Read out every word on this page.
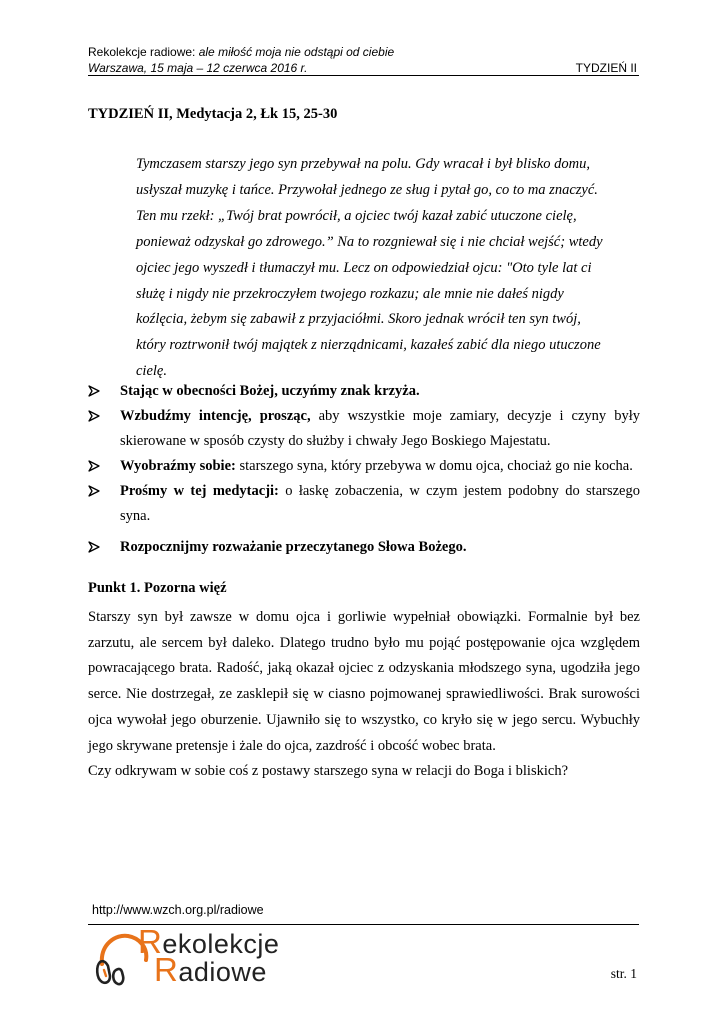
Rekolekcje radiowe: ale miłość moja nie odstąpi od ciebie
Warszawa, 15 maja – 12 czerwca 2016 r.	TYDZIEŃ II
TYDZIEŃ II, Medytacja 2, Łk 15, 25-30
Tymczasem starszy jego syn przebywał na polu. Gdy wracał i był blisko domu, usłyszał muzykę i tańce. Przywołał jednego ze sług i pytał go, co to ma znaczyć. Ten mu rzekł: „Twój brat powrócił, a ojciec twój kazał zabić utuczone cielę, ponieważ odzyskał go zdrowego.” Na to rozgniewał się i nie chciał wejść; wtedy ojciec jego wyszedł i tłumaczył mu. Lecz on odpowiedział ojcu: "Oto tyle lat ci służę i nigdy nie przekroczyłem twojego rozkazu; ale mnie nie dałeś nigdy koźlęcia, żebym się zabawił z przyjaciółmi. Skoro jednak wrócił ten syn twój, który roztrwonił twój majątek z nierządnicami, kazałeś zabić dla niego utuczone cielę.
Stając w obecności Bożej, uczyńmy znak krzyża.
Wzbudźmy intencję, prosząc, aby wszystkie moje zamiary, decyzje i czyny były skierowane w sposób czysty do służby i chwały Jego Boskiego Majestatu.
Wyobraźmy sobie: starszego syna, który przebywa w domu ojca, chociaż go nie kocha.
Prośmy w tej medytacji: o łaskę zobaczenia, w czym jestem podobny do starszego syna.
Rozpocznijmy rozważanie przeczytanego Słowa Bożego.
Punkt 1. Pozorna więź

Starszy syn był zawsze w domu ojca i gorliwie wypełniał obowiązki. Formalnie był bez zarzutu, ale sercem był daleko. Dlatego trudno było mu pojąć postępowanie ojca względem powracającego brata. Radość, jaką okazał ojciec z odzyskania młodszego syna, ugodziła jego serce. Nie dostrzegał, ze zasklepił się w ciasno pojmowanej sprawiedliwości. Brak surowości ojca wywołał jego oburzenie. Ujawniło się to wszystko, co kryło się w jego sercu. Wybuchły jego skrywane pretensje i żale do ojca, zazdrość i obcość wobec brata.

Czy odkrywam w sobie coś z postawy starszego syna w relacji do Boga i bliskich?

http://www.wzch.org.pl/radiowe
Rekolekcje
Radiowe	str. 1
